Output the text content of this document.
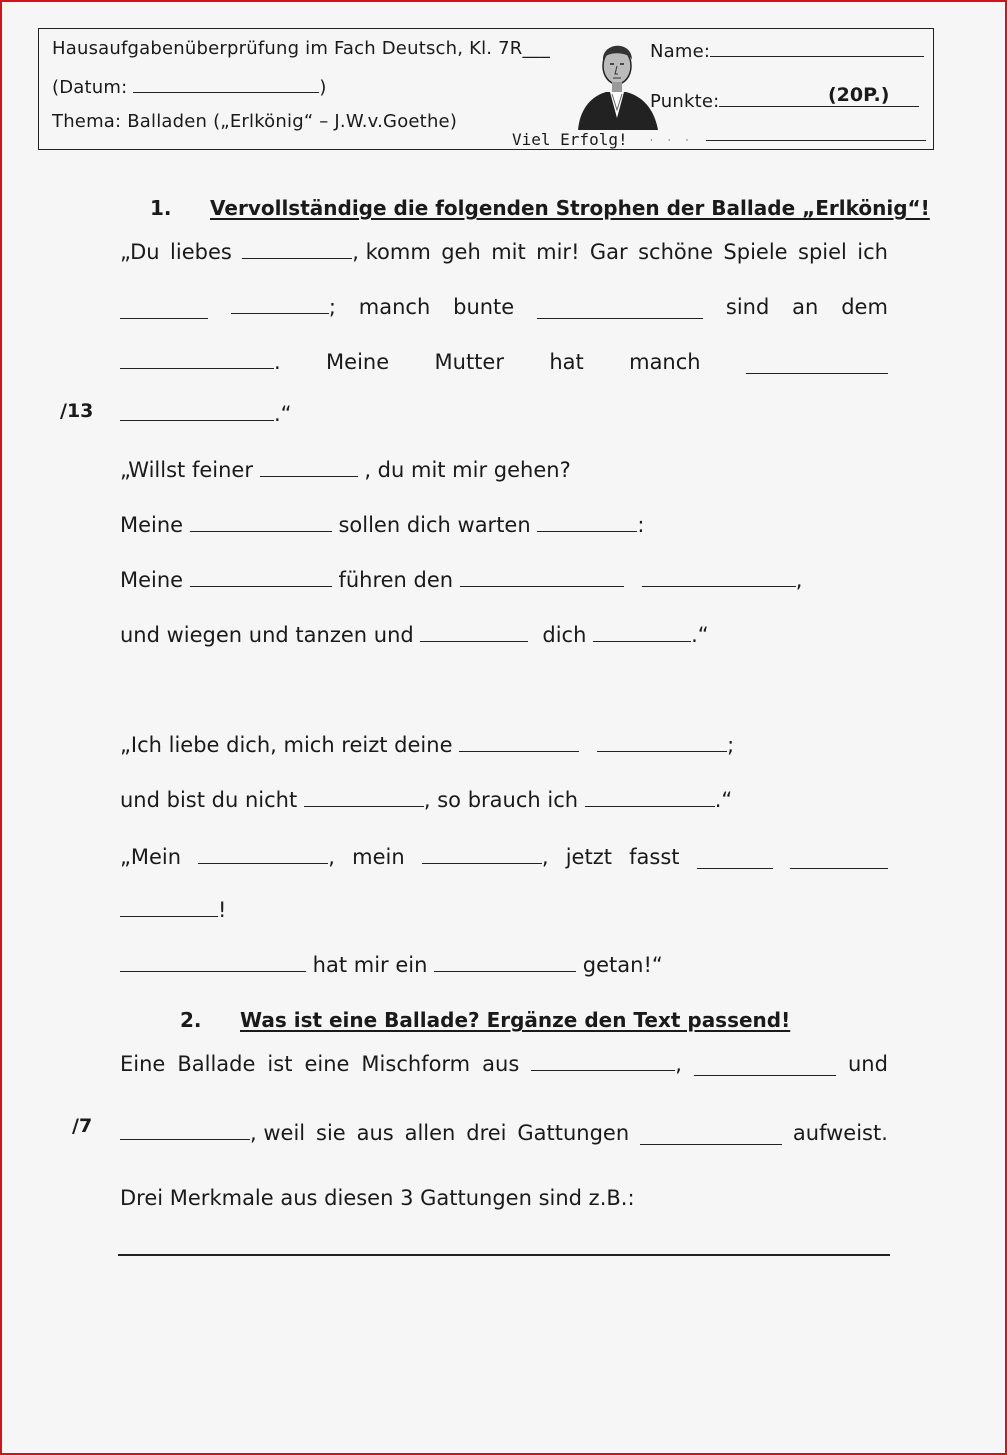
Hausaufgabenüberprüfung im Fach Deutsch, Kl. 7R___
(Datum:	)
Thema: Balladen („Erlkönig“ – J.W.v.Goethe)
Name:
Punkte:	(20P.)
Viel Erfolg! · · ·
1. Vervollständige die folgenden Strophen der Ballade „Erlkönig“!
„Du liebes	, komm geh mit mir! Gar schöne Spiele spiel ich
; manch bunte	sind an dem
. Meine Mutter hat manch
/13	.“
„Willst feiner	, du mit mir gehen?
Meine	sollen dich warten	:
Meine	führen den	,
und wiegen und tanzen und	dich	.“
„Ich liebe dich, mich reizt deine	;
und bist du nicht	, so brauch ich	.“
„Mein	, mein	, jetzt fasst
!
hat mir ein	getan!“
2. Was ist eine Ballade? Ergänze den Text passend!
Eine Ballade ist eine Mischform aus	,	und
/7	, weil sie aus allen drei Gattungen	aufweist.
Drei Merkmale aus diesen 3 Gattungen sind z.B.:
